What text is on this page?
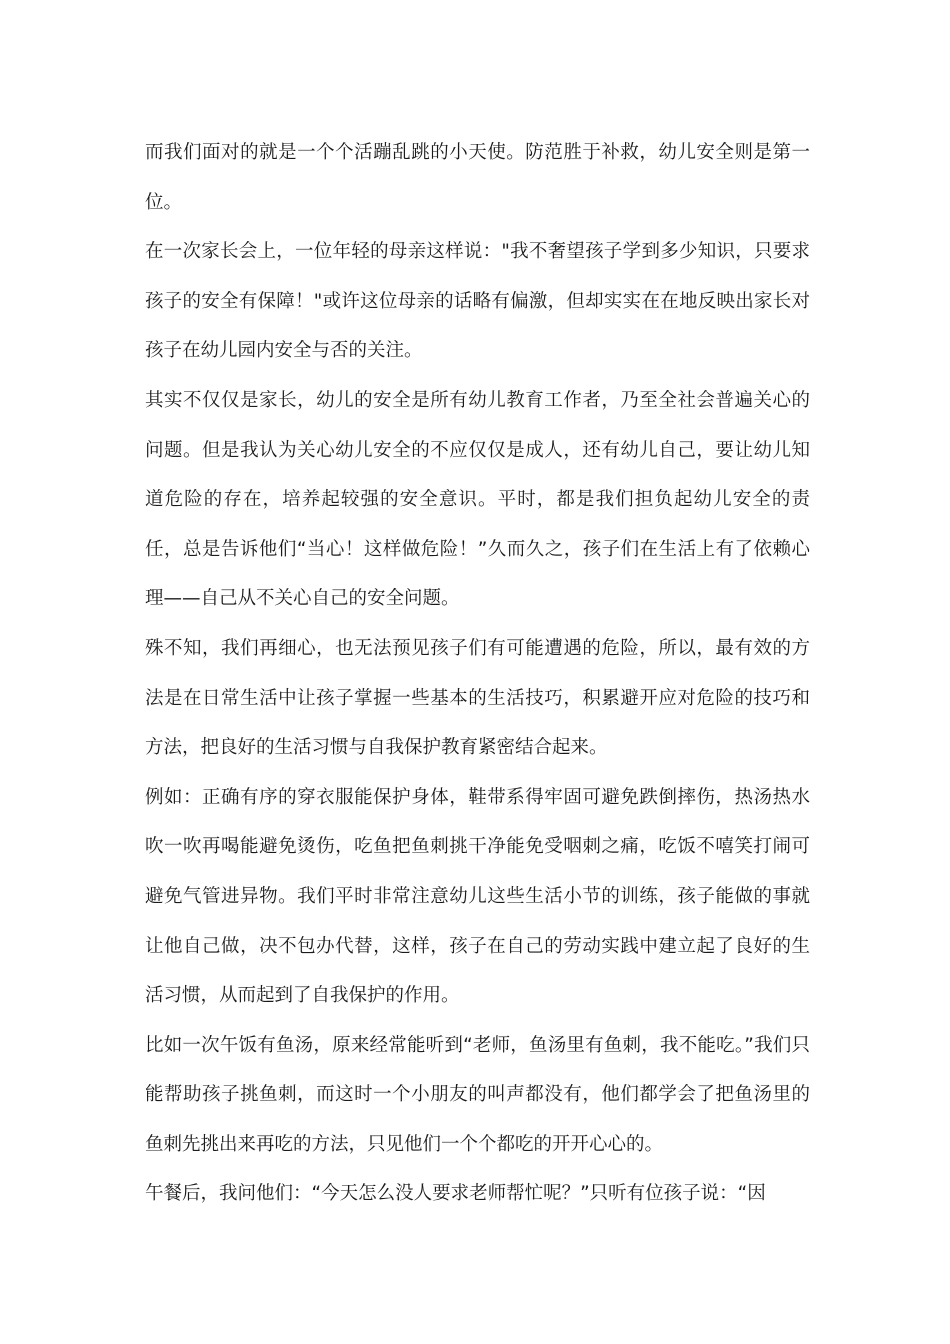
而我们面对的就是一个个活蹦乱跳的小天使。防范胜于补救，幼儿安全则是第一位。

在一次家长会上，一位年轻的母亲这样说："我不奢望孩子学到多少知识，只要求孩子的安全有保障！"或许这位母亲的话略有偏激，但却实实在在地反映出家长对孩子在幼儿园内安全与否的关注。

其实不仅仅是家长，幼儿的安全是所有幼儿教育工作者，乃至全社会普遍关心的问题。但是我认为关心幼儿安全的不应仅仅是成人，还有幼儿自己，要让幼儿知道危险的存在，培养起较强的安全意识。平时，都是我们担负起幼儿安全的责任，总是告诉他们“当心！这样做危险！”久而久之，孩子们在生活上有了依赖心理——自己从不关心自己的安全问题。

殊不知，我们再细心，也无法预见孩子们有可能遭遇的危险，所以，最有效的方法是在日常生活中让孩子掌握一些基本的生活技巧，积累避开应对危险的技巧和方法，把良好的生活习惯与自我保护教育紧密结合起来。

例如：正确有序的穿衣服能保护身体，鞋带系得牢固可避免跌倒摔伤，热汤热水吹一吹再喝能避免烫伤，吃鱼把鱼刺挑干净能免受咽刺之痛，吃饭不嘻笑打闹可避免气管进异物。我们平时非常注意幼儿这些生活小节的训练，孩子能做的事就让他自己做，决不包办代替，这样，孩子在自己的劳动实践中建立起了良好的生活习惯，从而起到了自我保护的作用。

比如一次午饭有鱼汤，原来经常能听到“老师，鱼汤里有鱼刺，我不能吃。”我们只能帮助孩子挑鱼刺，而这时一个小朋友的叫声都没有，他们都学会了把鱼汤里的鱼刺先挑出来再吃的方法，只见他们一个个都吃的开开心心的。

午餐后，我问他们：“今天怎么没人要求老师帮忙呢？”只听有位孩子说：“因
